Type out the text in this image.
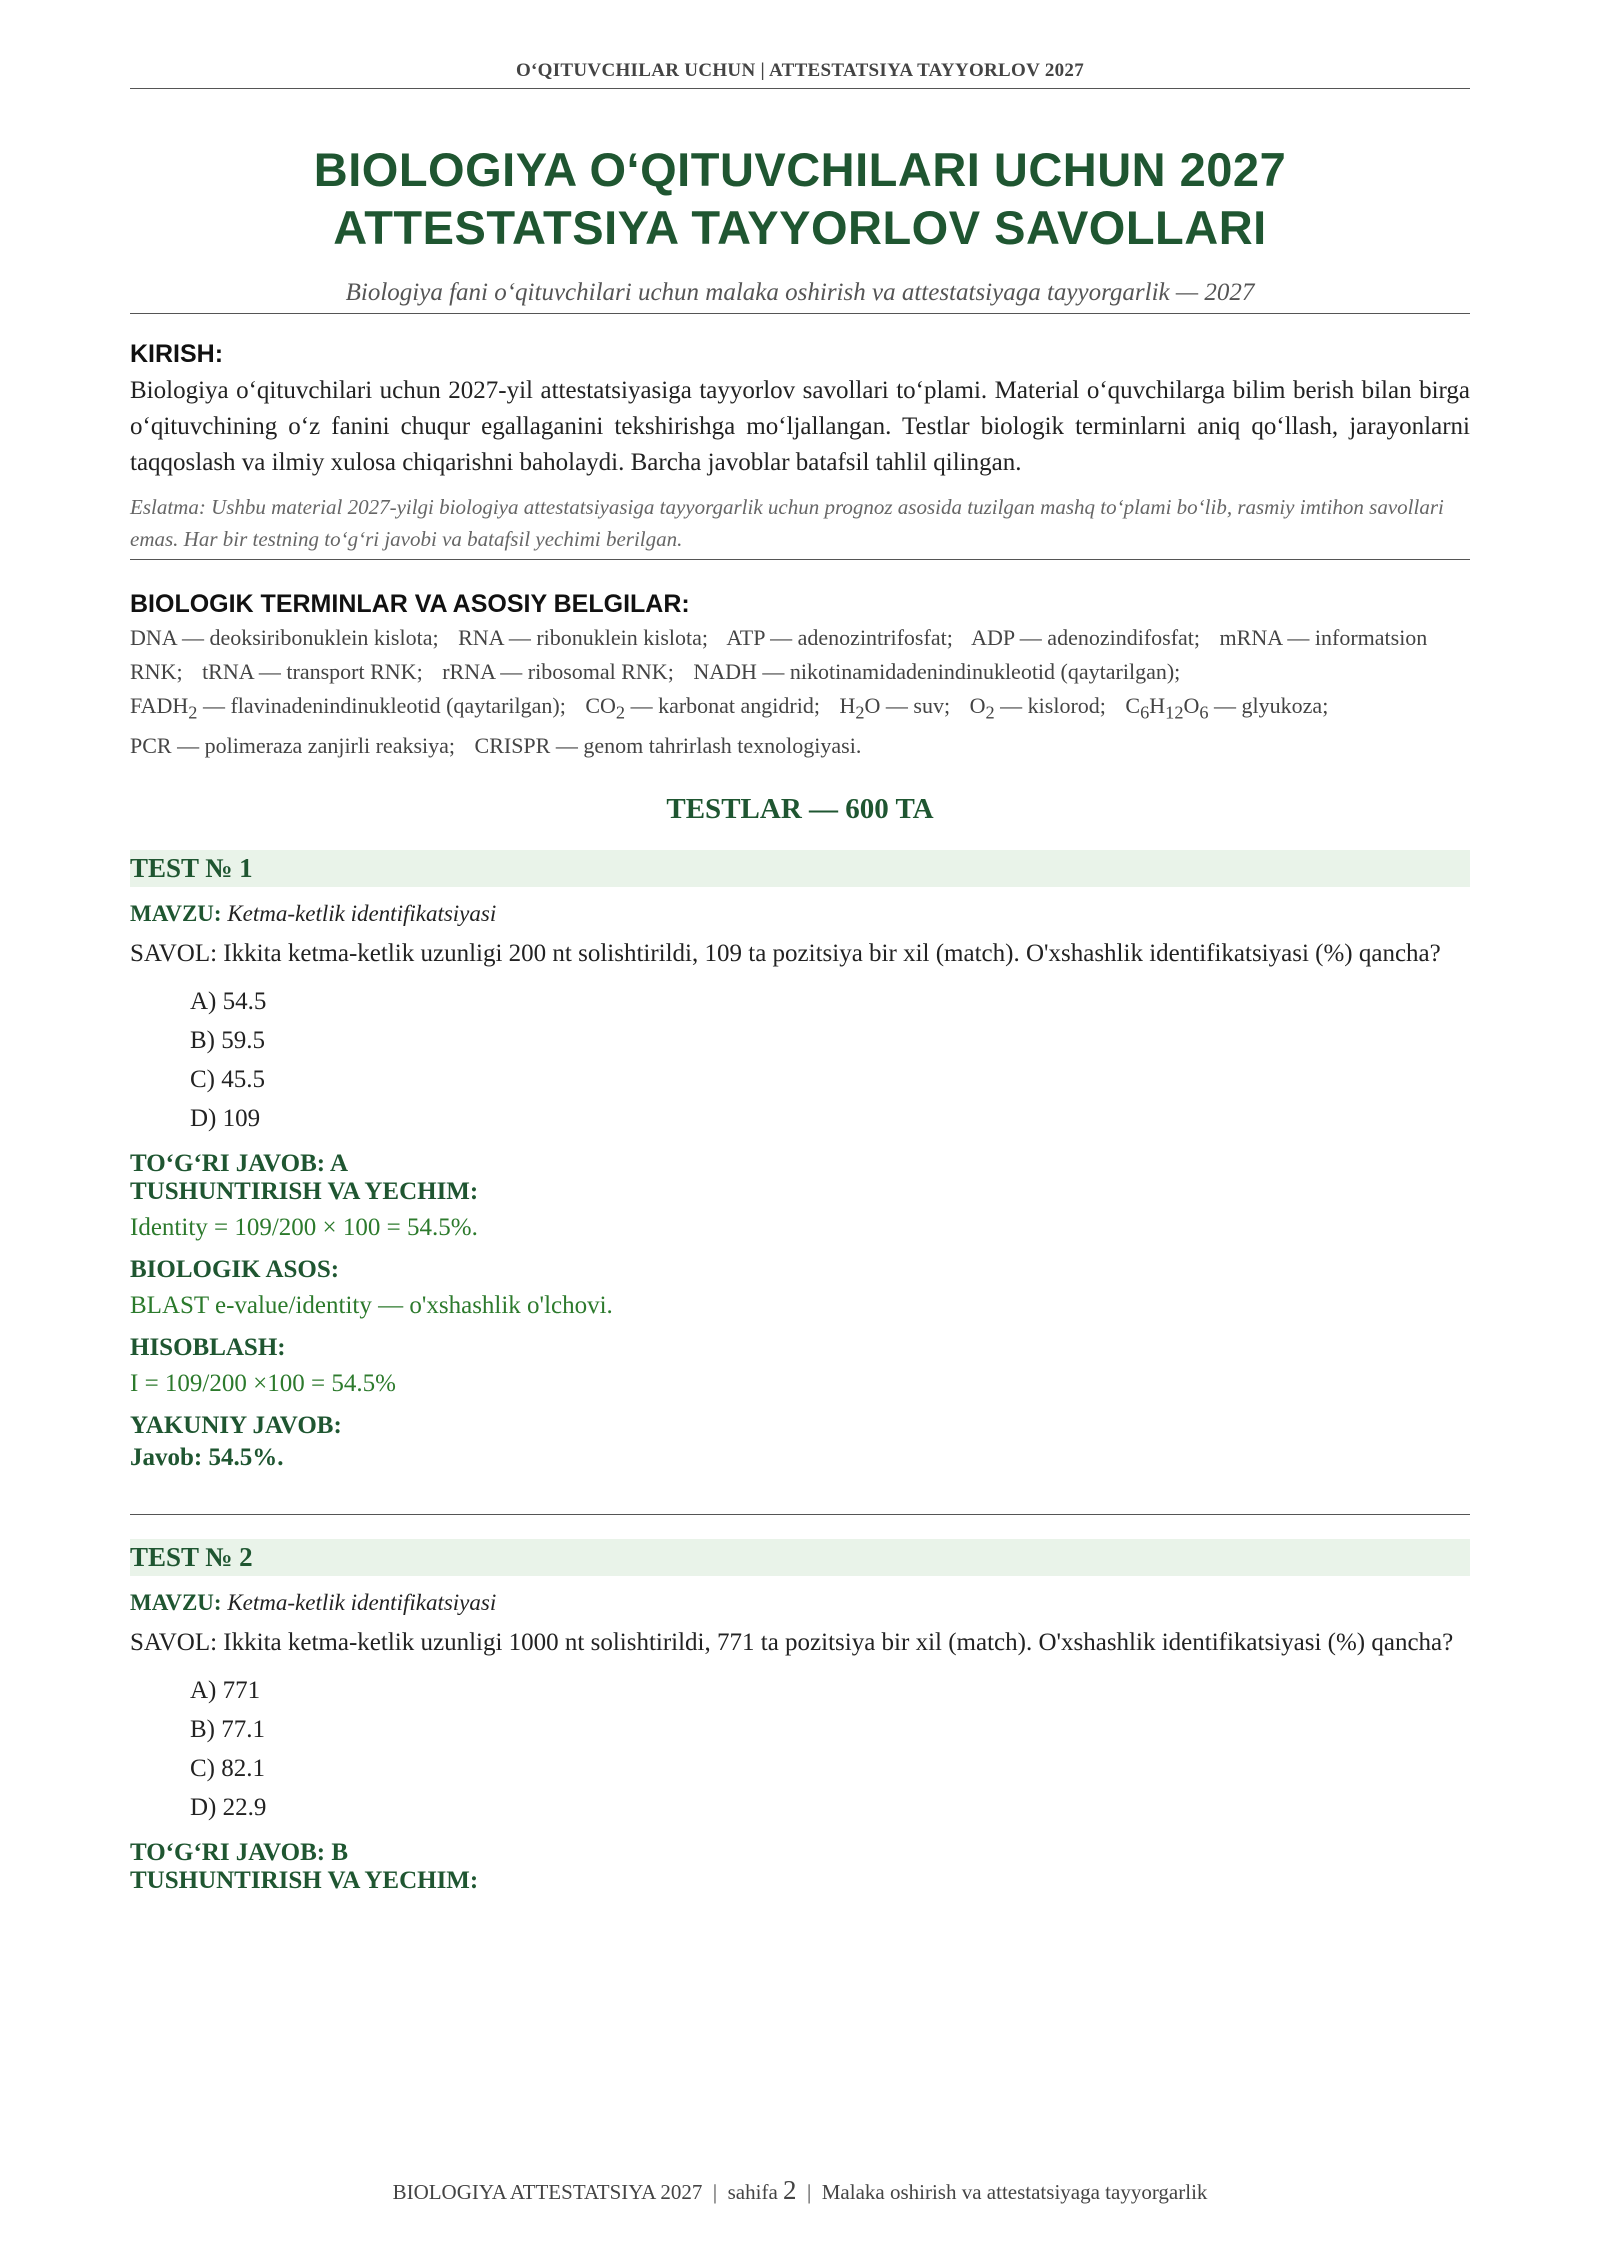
O‘QITUVCHILAR UCHUN | ATTESTATSIYA TAYYORLOV 2027
BIOLOGIYA O‘QITUVCHILARI UCHUN 2027
ATTESTATSIYA TAYYORLOV SAVOLLARI
Biologiya fani o‘qituvchilari uchun malaka oshirish va attestatsiyaga tayyorgarlik — 2027
KIRISH:
Biologiya o‘qituvchilari uchun 2027-yil attestatsiyasiga tayyorlov savollari to‘plami. Material o‘quvchilarga bilim berish bilan birga o‘qituvchining o‘z fanini chuqur egallaganini tekshirishga mo‘ljallangan. Testlar biologik terminlarni aniq qo‘llash, jarayonlarni taqqoslash va ilmiy xulosa chiqarishni baholaydi. Barcha javoblar batafsil tahlil qilingan.
Eslatma: Ushbu material 2027-yilgi biologiya attestatsiyasiga tayyorgarlik uchun prognoz asosida tuzilgan mashq to‘plami bo‘lib, rasmiy imtihon savollari emas. Har bir testning to‘g‘ri javobi va batafsil yechimi berilgan.
BIOLOGIK TERMINLAR VA ASOSIY BELGILAR:
DNA — deoksiribonuklein kislota; RNA — ribonuklein kislota; ATP — adenozintrifosfat; ADP — adenozindifosfat; mRNA — informatsion RNK; tRNA — transport RNK; rRNA — ribosomal RNK; NADH — nikotinamidadenindinukleotid (qaytarilgan); $FADH_2$ — flavinadenindinukleotid (qaytarilgan); $CO_2$ — karbonat angidrid; $H_2O$ — suv; $O_2$ — kislorod; $C_6H_{12}O_6$ — glyukoza; PCR — polimeraza zanjirli reaksiya; CRISPR — genom tahrirlash texnologiyasi.
TESTLAR — 600 TA
TEST № 1
MAVZU: Ketma-ketlik identifikatsiyasi
SAVOL: Ikkita ketma-ketlik uzunligi 200 nt solishtirildi, 109 ta pozitsiya bir xil (match). O'xshashlik identifikatsiyasi (%) qancha?
A) 54.5
B) 59.5
C) 45.5
D) 109
TO‘G‘RI JAVOB: A
TUSHUNTIRISH VA YECHIM:
Identity = 109/200 × 100 = 54.5%.
BIOLOGIK ASOS:
BLAST e-value/identity — o'xshashlik o'lchovi.
HISOBLASH:
I = 109/200 ×100 = 54.5%
YAKUNIY JAVOB:
Javob: 54.5%.
TEST № 2
MAVZU: Ketma-ketlik identifikatsiyasi
SAVOL: Ikkita ketma-ketlik uzunligi 1000 nt solishtirildi, 771 ta pozitsiya bir xil (match). O'xshashlik identifikatsiyasi (%) qancha?
A) 771
B) 77.1
C) 82.1
D) 22.9
TO‘G‘RI JAVOB: B
TUSHUNTIRISH VA YECHIM:
BIOLOGIYA ATTESTATSIYA 2027 | sahifa 2 | Malaka oshirish va attestatsiyaga tayyorgarlik
